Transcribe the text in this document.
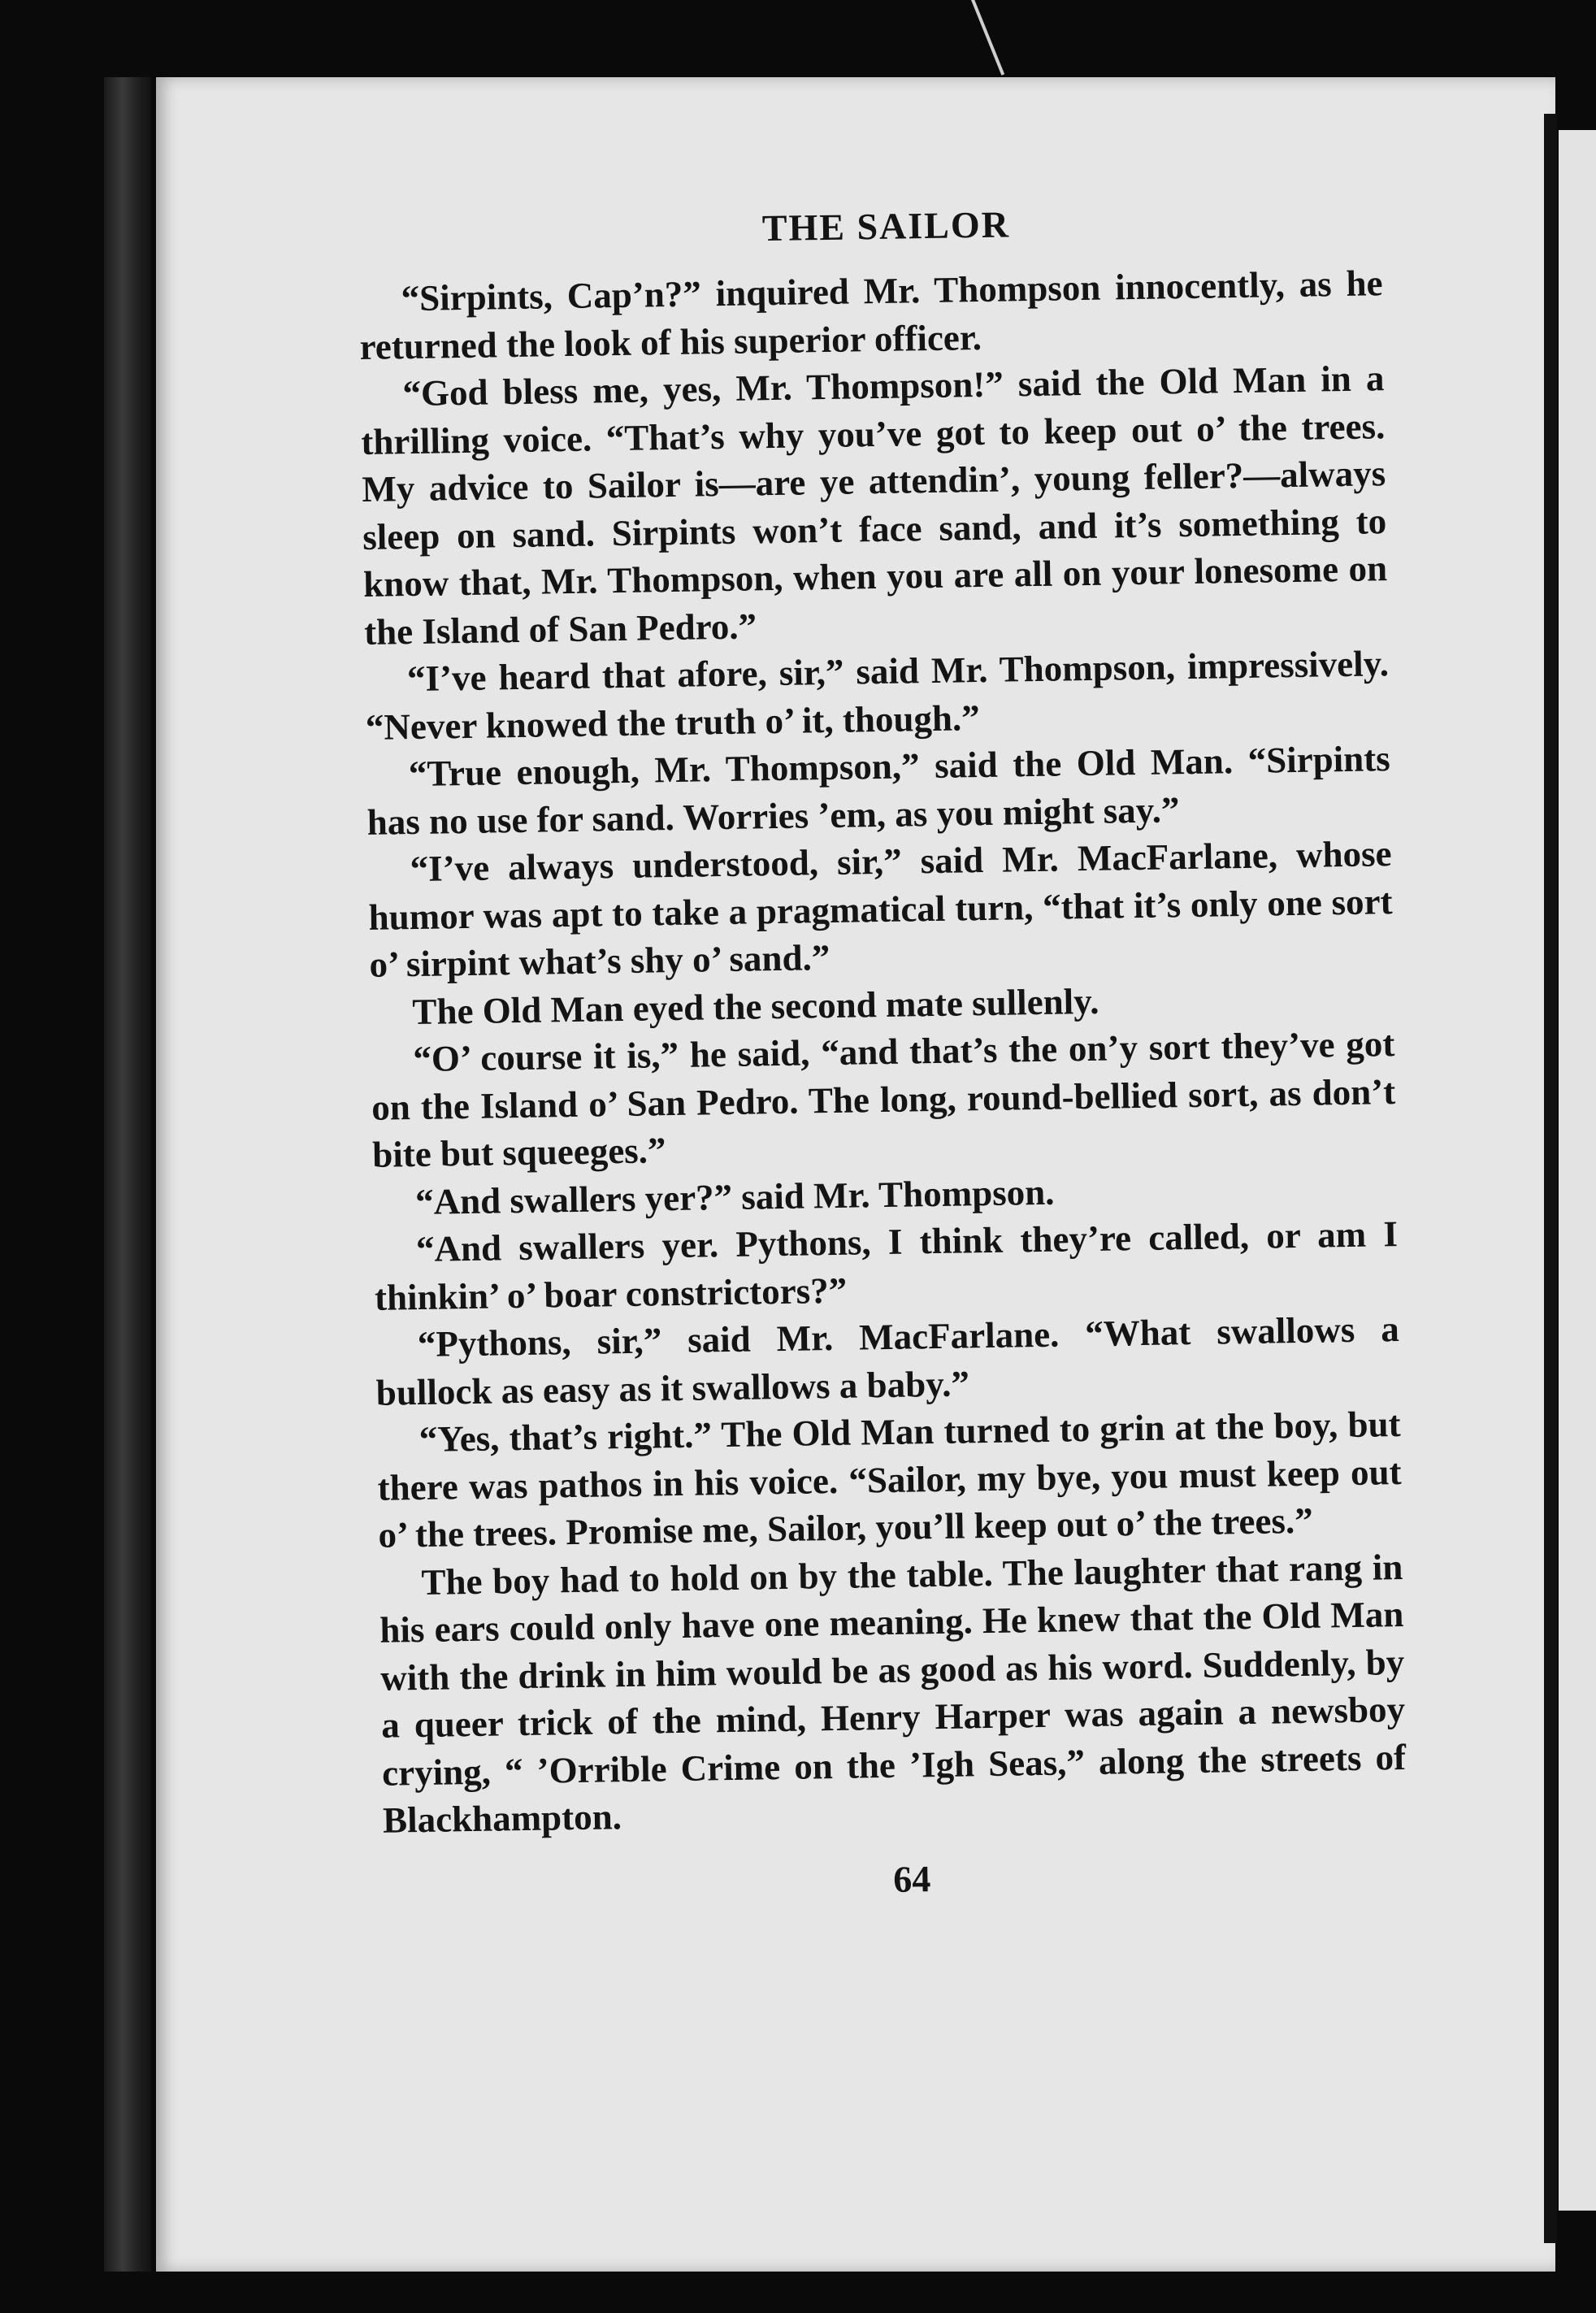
THE SAILOR

“Sirpints, Cap’n?” inquired Mr. Thompson innocently, as he returned the look of his superior officer.

“God bless me, yes, Mr. Thompson!” said the Old Man in a thrilling voice. “That’s why you’ve got to keep out o’ the trees. My advice to Sailor is—are ye attendin’, young feller?—always sleep on sand. Sirpints won’t face sand, and it’s something to know that, Mr. Thompson, when you are all on your lonesome on the Island of San Pedro.”

“I’ve heard that afore, sir,” said Mr. Thompson, impressively. “Never knowed the truth o’ it, though.”

“True enough, Mr. Thompson,” said the Old Man. “Sirpints has no use for sand. Worries ’em, as you might say.”

“I’ve always understood, sir,” said Mr. MacFarlane, whose humor was apt to take a pragmatical turn, “that it’s only one sort o’ sirpint what’s shy o’ sand.”

The Old Man eyed the second mate sullenly.

“O’ course it is,” he said, “and that’s the on’y sort they’ve got on the Island o’ San Pedro. The long, round-bellied sort, as don’t bite but squeeges.”

“And swallers yer?” said Mr. Thompson.

“And swallers yer. Pythons, I think they’re called, or am I thinkin’ o’ boar constrictors?”

“Pythons, sir,” said Mr. MacFarlane. “What swallows a bullock as easy as it swallows a baby.”

“Yes, that’s right.” The Old Man turned to grin at the boy, but there was pathos in his voice. “Sailor, my bye, you must keep out o’ the trees. Promise me, Sailor, you’ll keep out o’ the trees.”

The boy had to hold on by the table. The laughter that rang in his ears could only have one meaning. He knew that the Old Man with the drink in him would be as good as his word. Suddenly, by a queer trick of the mind, Henry Harper was again a newsboy crying, “ ’Orrible Crime on the ’Igh Seas,” along the streets of Blackhampton.

64
